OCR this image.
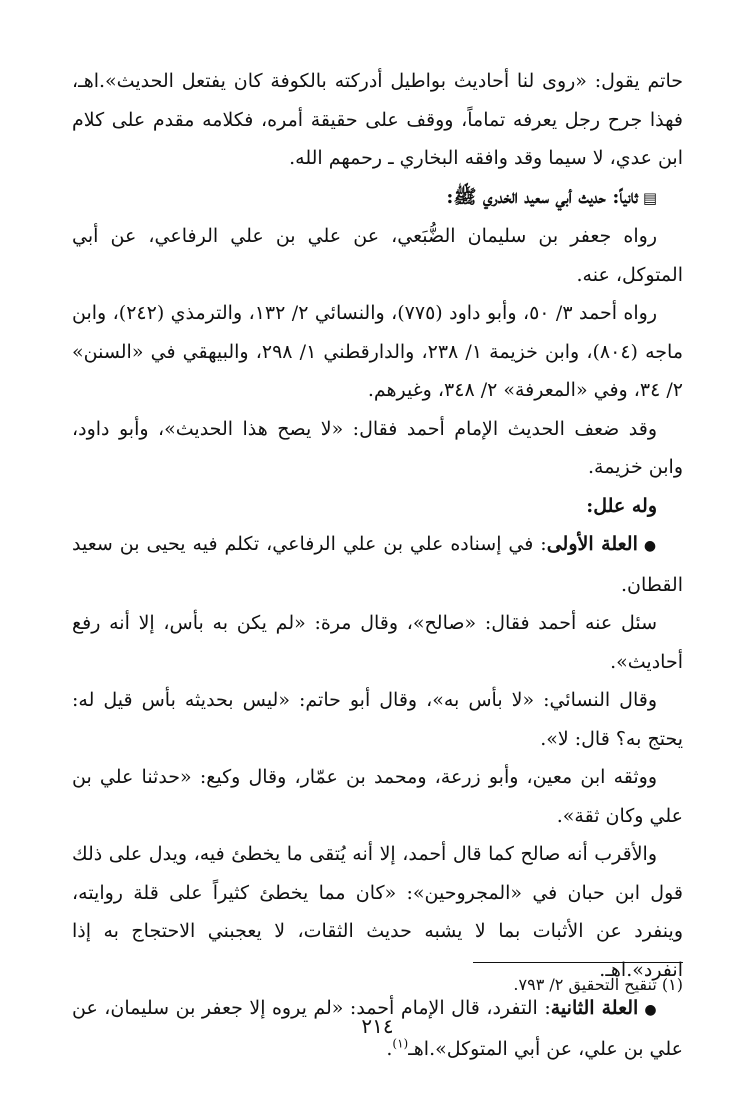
حاتم يقول: «روى لنا أحاديث بواطيل أدركته بالكوفة كان يفتعل الحديث».اهـ، فهذا جرح رجل يعرفه تماماً، ووقف على حقيقة أمره، فكلامه مقدم على كلام ابن عدي، لا سيما وقد وافقه البخاري ـ رحمهم الله.

▤ثانياً: حديث أبي سعيد الخدري ﷺ:

رواه جعفر بن سليمان الضُّبَعي، عن علي بن علي الرفاعي، عن أبي المتوكل، عنه.

رواه أحمد ٣/ ٥٠، وأبو داود (٧٧٥)، والنسائي ٢/ ١٣٢، والترمذي (٢٤٢)، وابن ماجه (٨٠٤)، وابن خزيمة ١/ ٢٣٨، والدارقطني ١/ ٢٩٨، والبيهقي في «السنن» ٢/ ٣٤، وفي «المعرفة» ٢/ ٣٤٨، وغيرهم.

وقد ضعف الحديث الإمام أحمد فقال: «لا يصح هذا الحديث»، وأبو داود، وابن خزيمة.

وله علل:

●العلة الأولى: في إسناده علي بن علي الرفاعي، تكلم فيه يحيى بن سعيد القطان.

سئل عنه أحمد فقال: «صالح»، وقال مرة: «لم يكن به بأس، إلا أنه رفع أحاديث».

وقال النسائي: «لا بأس به»، وقال أبو حاتم: «ليس بحديثه بأس قيل له: يحتج به؟ قال: لا».

ووثقه ابن معين، وأبو زرعة، ومحمد بن عمّار، وقال وكيع: «حدثنا علي بن علي وكان ثقة».

والأقرب أنه صالح كما قال أحمد، إلا أنه يُتقى ما يخطئ فيه، ويدل على ذلك قول ابن حبان في «المجروحين»: «كان مما يخطئ كثيراً على قلة روايته، وينفرد عن الأثبات بما لا يشبه حديث الثقات، لا يعجبني الاحتجاج به إذا انفرد».اهـ.

●العلة الثانية: التفرد، قال الإمام أحمد: «لم يروه إلا جعفر بن سليمان، عن علي بن علي، عن أبي المتوكل».اهـ$^{(١)}$.

(١) تنقيح التحقيق ٢/ ٧٩٣.

٢١٤
